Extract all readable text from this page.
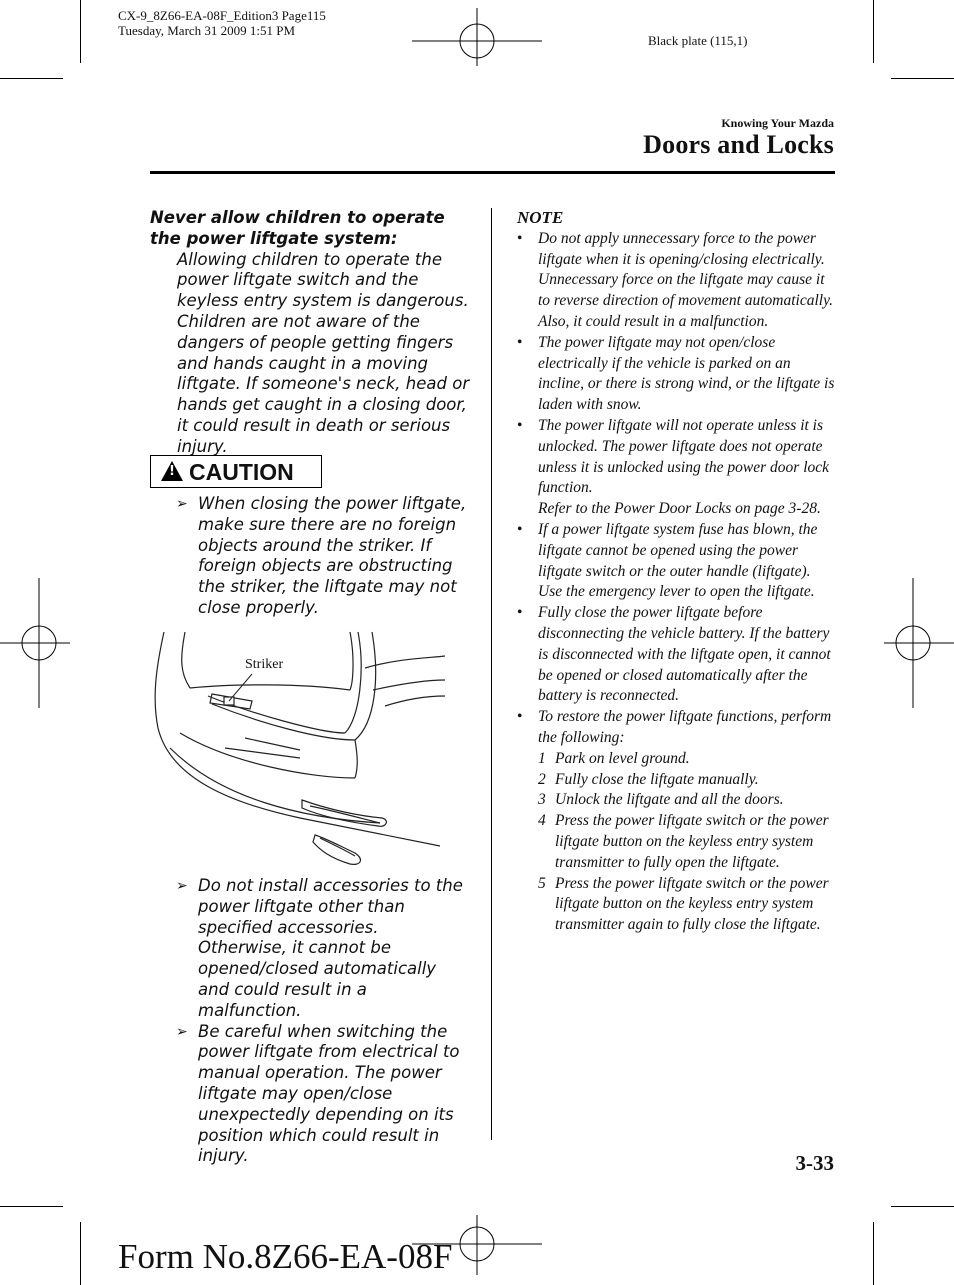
CX-9_8Z66-EA-08F_Edition3 Page115
Tuesday, March 31 2009 1:51 PM
Black plate (115,1)
Knowing Your Mazda
Doors and Locks
Never allow children to operate the power liftgate system:
Allowing children to operate the power liftgate switch and the keyless entry system is dangerous. Children are not aware of the dangers of people getting fingers and hands caught in a moving liftgate. If someone's neck, head or hands get caught in a closing door, it could result in death or serious injury.
! CAUTION
➢ When closing the power liftgate, make sure there are no foreign objects around the striker. If foreign objects are obstructing the striker, the liftgate may not close properly.
Striker
➢ Do not install accessories to the power liftgate other than specified accessories. Otherwise, it cannot be opened/closed automatically and could result in a malfunction.
➢ Be careful when switching the power liftgate from electrical to manual operation. The power liftgate may open/close unexpectedly depending on its position which could result in injury.
NOTE
• Do not apply unnecessary force to the power liftgate when it is opening/closing electrically. Unnecessary force on the liftgate may cause it to reverse direction of movement automatically. Also, it could result in a malfunction.
• The power liftgate may not open/close electrically if the vehicle is parked on an incline, or there is strong wind, or the liftgate is laden with snow.
• The power liftgate will not operate unless it is unlocked. The power liftgate does not operate unless it is unlocked using the power door lock function.
Refer to the Power Door Locks on page 3-28.
• If a power liftgate system fuse has blown, the liftgate cannot be opened using the power liftgate switch or the outer handle (liftgate). Use the emergency lever to open the liftgate.
• Fully close the power liftgate before disconnecting the vehicle battery. If the battery is disconnected with the liftgate open, it cannot be opened or closed automatically after the battery is reconnected.
• To restore the power liftgate functions, perform the following:
1 Park on level ground.
2 Fully close the liftgate manually.
3 Unlock the liftgate and all the doors.
4 Press the power liftgate switch or the power liftgate button on the keyless entry system transmitter to fully open the liftgate.
5 Press the power liftgate switch or the power liftgate button on the keyless entry system transmitter again to fully close the liftgate.
3-33
Form No.8Z66-EA-08F
